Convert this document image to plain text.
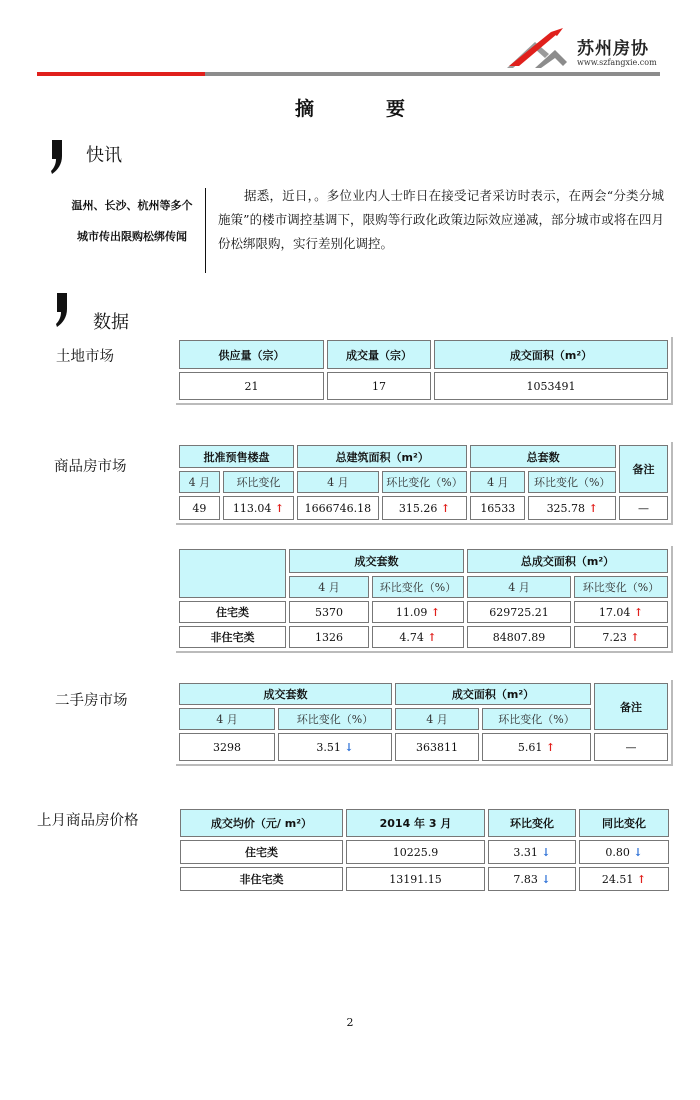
苏州房协
www.szfangxie.com
摘	要
快讯
温州、长沙、杭州等多个城市传出限购松绑传闻
据悉，近日，。多位业内人士昨日在接受记者采访时表示，在两会“分类分城施策”的楼市调控基调下，限购等行政化政策边际效应递减，部分城市或将在四月份松绑限购，实行差别化调控。
数据
土地市场	供应量（宗）	成交量（宗）	成交面积（m²）
21	17	1053491
商品房市场
批准预售楼盘		总建筑面积（m²）		总套数		备注
4 月	环比变化	4 月	环比变化（%）	4 月	环比变化（%）	
49	113.04 ↑	1666746.18	315.26 ↑	16533	325.78 ↑	—
	成交套数		总成交面积（m²）	
	4 月	环比变化（%）	4 月	环比变化（%）
住宅类	5370	11.09 ↑	629725.21	17.04 ↑
非住宅类	1326	4.74 ↑	84807.89	7.23 ↑
二手房市场	成交套数		成交面积（m²）		备注
4 月	环比变化（%）	4 月	环比变化（%）	
3298	3.51 ↓	363811	5.61 ↑	—
上月商品房价格	成交均价（元/ m²）	2014 年 3 月	环比变化	同比变化
住宅类	10225.9	3.31 ↓	0.80 ↓
非住宅类	13191.15	7.83 ↓	24.51 ↑
2
